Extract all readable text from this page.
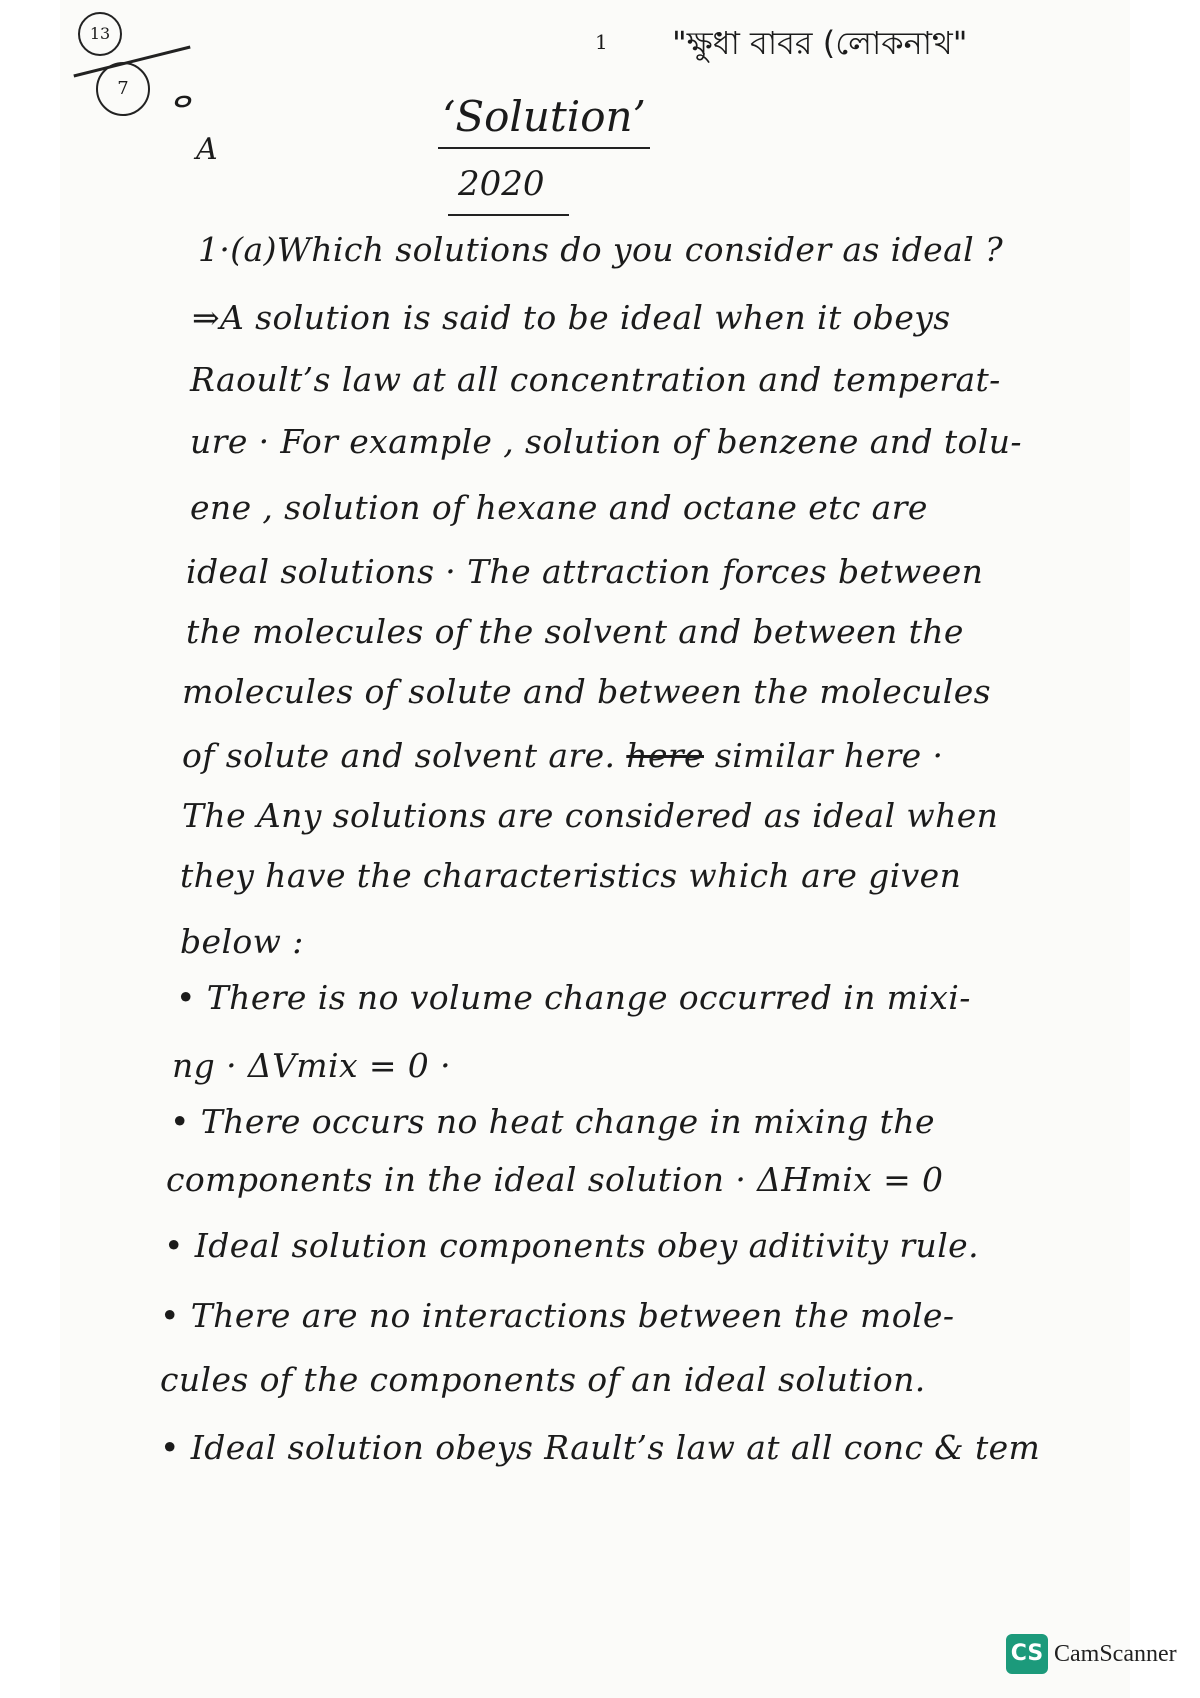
13
7	ⴰ
A
1 "ক্ষুধা বাবর (লোকনাথ"
‘Solution’
2020
1·(a)Which solutions do you consider as ideal ?
⇒A solution is said to be ideal when it obeys
Raoult’s law at all concentration and temperat-
ure · For example , solution of benzene and tolu-
ene , solution of hexane and octane etc are
ideal solutions · The attraction forces between
the molecules of the solvent and between the
molecules of solute and between the molecules
of solute and solvent are. here similar here ·
The Any solutions are considered as ideal when
they have the characteristics which are given
below :
• There is no volume change occurred in mixi-
ng · ΔVmix = 0 ·
• There occurs no heat change in mixing the
components in the ideal solution · ΔHmix = 0
• Ideal solution components obey aditivity rule.
• There are no interactions between the mole-
cules of the components of an ideal solution.
• Ideal solution obeys Rault’s law at all conc & tem
CS CamScanner
